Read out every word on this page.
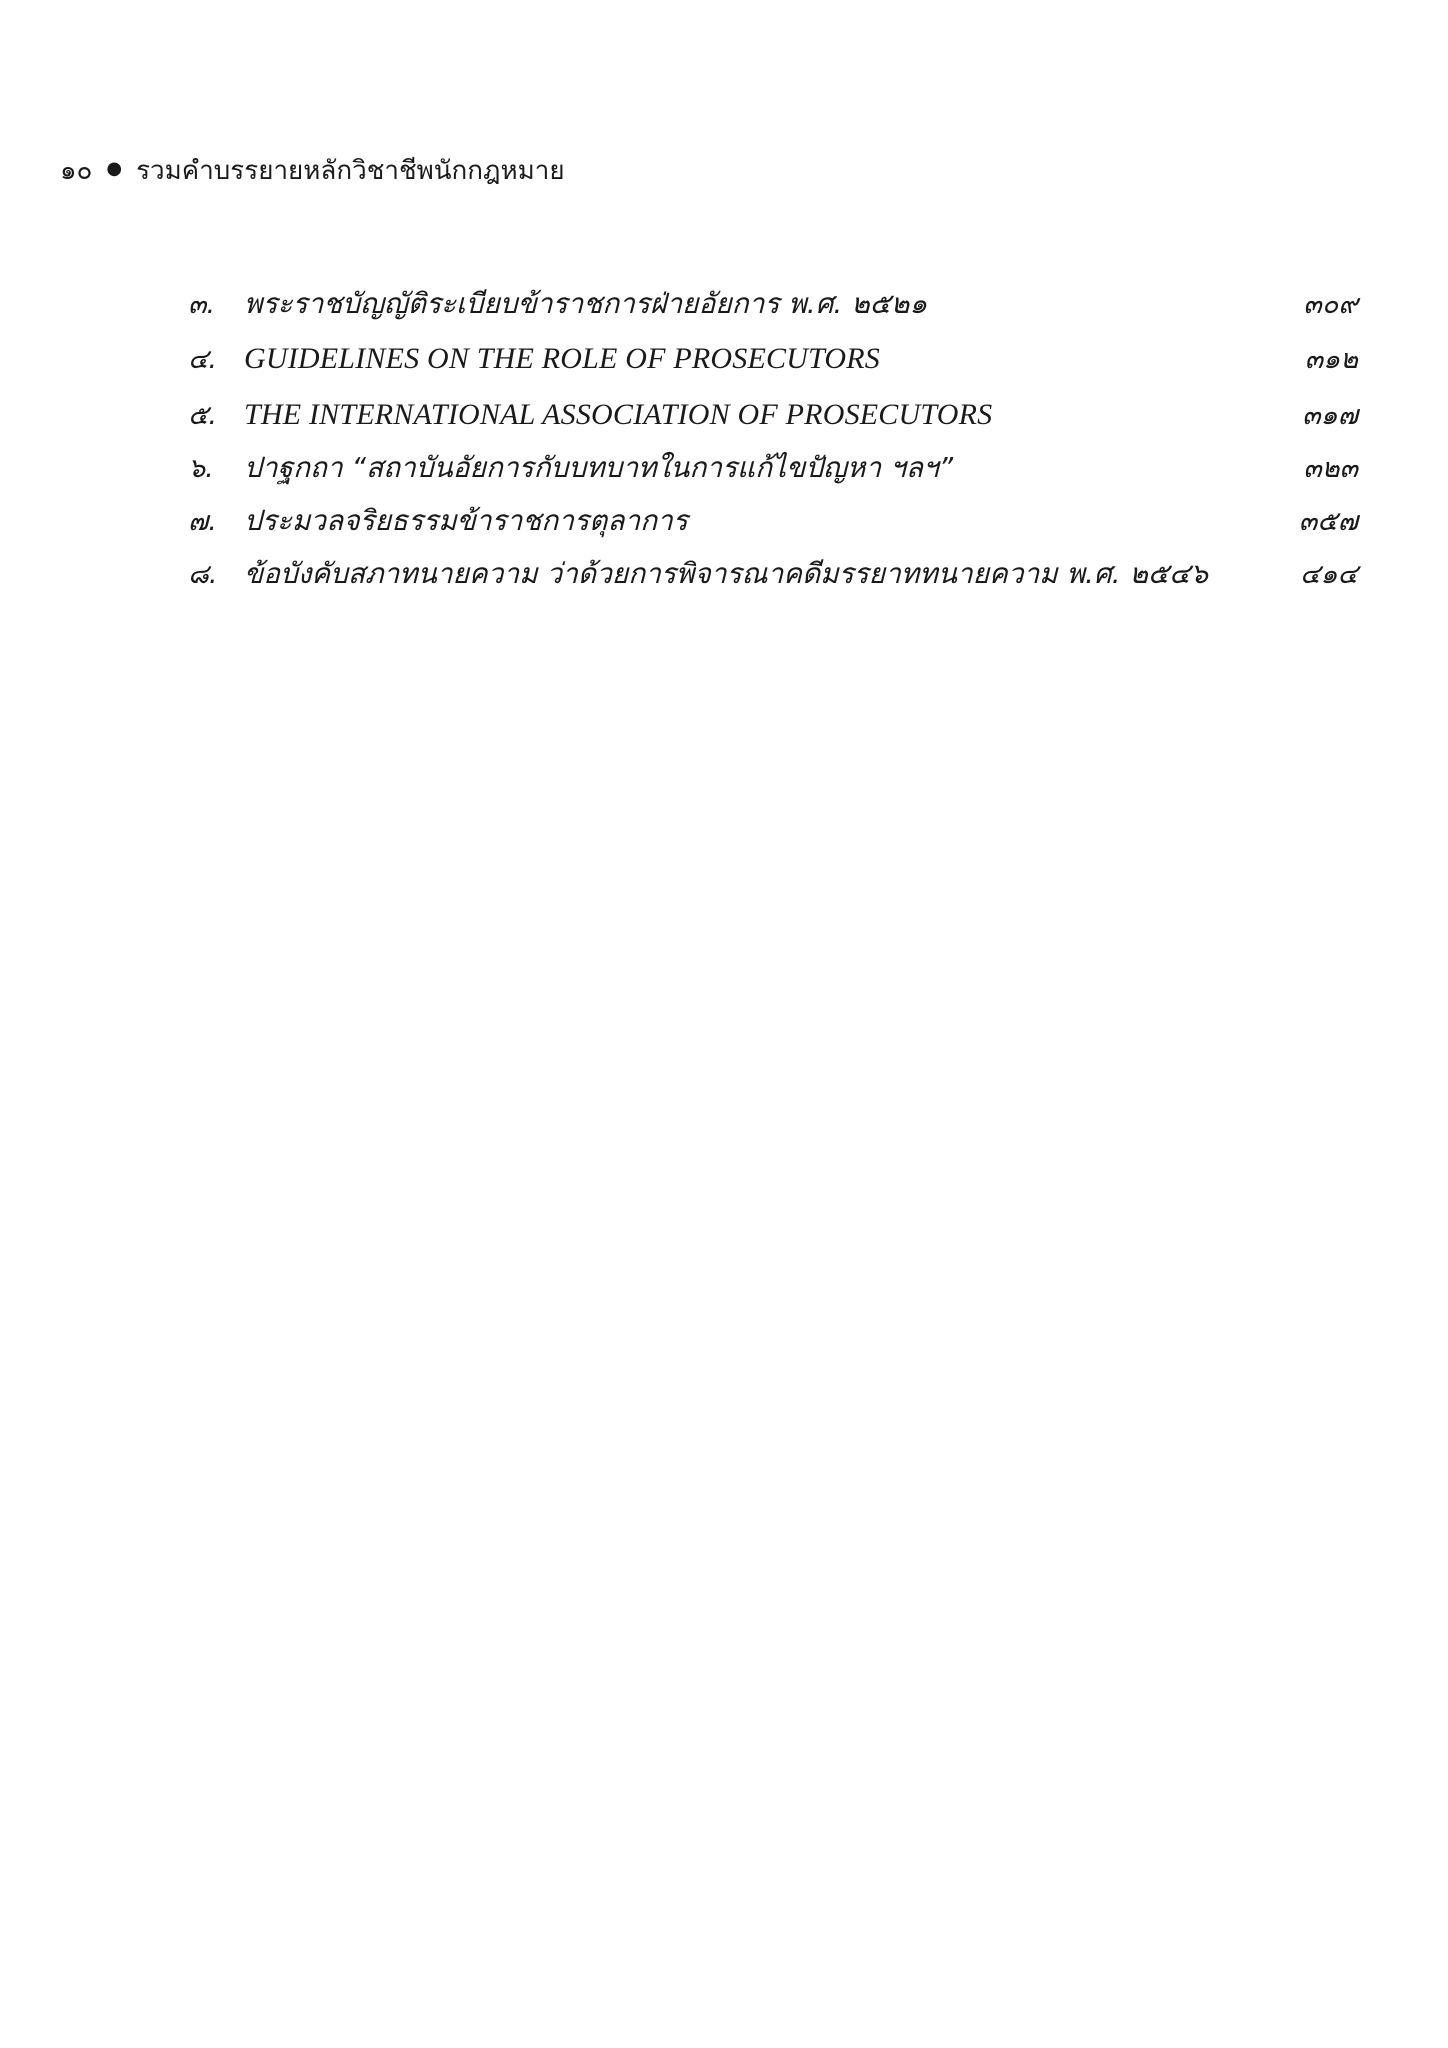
๑๐ ● รวมคำบรรยายหลักวิชาชีพนักกฎหมาย
๓.	พระราชบัญญัติระเบียบข้าราชการฝ่ายอัยการ พ.ศ. ๒๕๒๑	๓๐๙
๔. GUIDELINES ON THE ROLE OF PROSECUTORS	๓๑๒
๕. THE INTERNATIONAL ASSOCIATION OF PROSECUTORS	๓๑๗
๖.	ปาฐกถา “สถาบันอัยการกับบทบาทในการแก้ไขปัญหา ฯลฯ”	๓๒๓
๗. ประมวลจริยธรรมข้าราชการตุลาการ	๓๕๗
๘. ข้อบังคับสภาทนายความ ว่าด้วยการพิจารณาคดีมรรยาททนายความ พ.ศ. ๒๕๔๖	๔๑๔
